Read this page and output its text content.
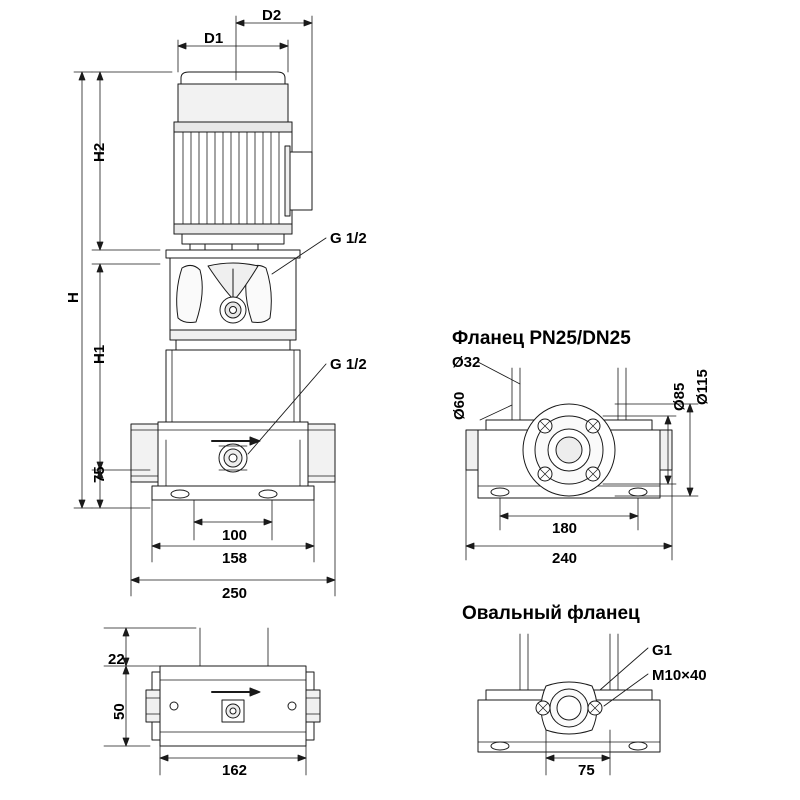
Фланец PN25/DN25
Овальный фланец
D1
D2
H
H1
H2
75
100
158
250
G 1/2
G 1/2
22
50
162
Ø32
Ø60	Ø85 Ø115
180
240
75
G1
M10×40
